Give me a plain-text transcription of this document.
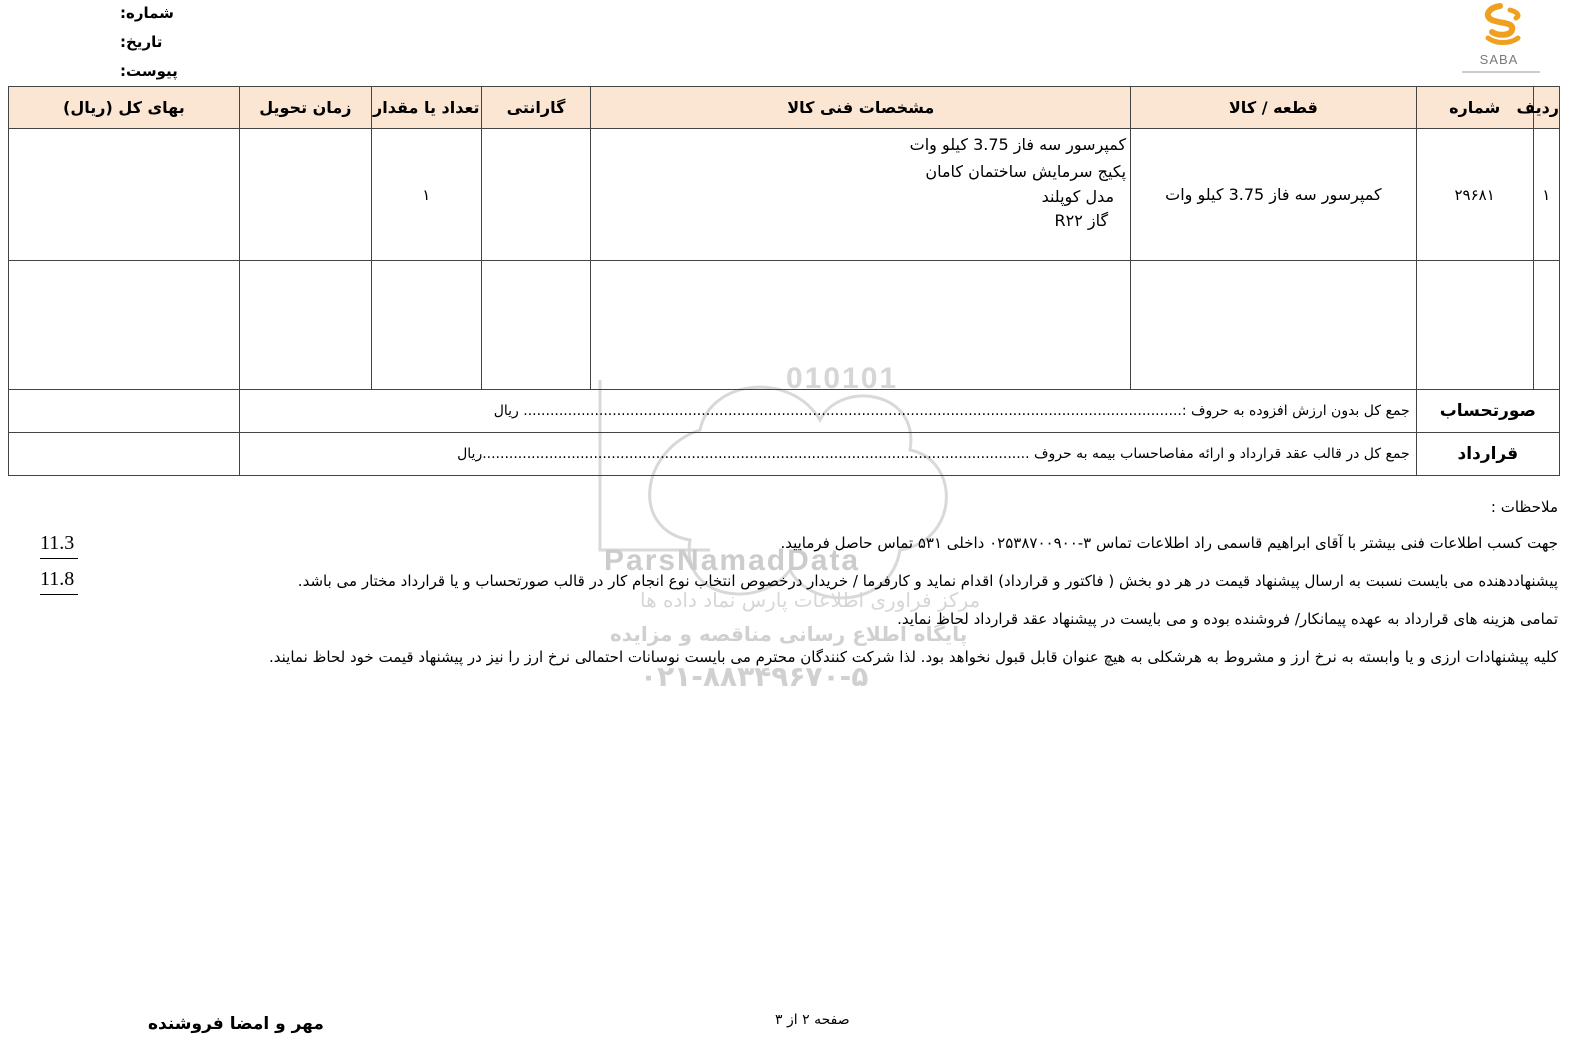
شماره:
تاریخ:
پیوست:
SABA
010101
ParsNamadData
مرکز فراوری اطلاعات پارس نماد داده ها
پایگاه اطلاع رسانی مناقصه و مزایده
۰۲۱-۸۸۳۴۹۶۷۰-۵
ردیف	شماره	قطعه / کالا	مشخصات فنی کالا	گارانتی	تعداد یا مقدار	زمان تحویل	بهای کل (ریال)
۱	۲۹۶۸۱	کمپرسور سه فاز 3.75 کیلو وات	کمپرسور سه فاز 3.75 کیلو وات
پکیج سرمایش ساختمان کامان
مدل کوپلند
گاز R۲۲		۱		

صورتحساب		جمع کل بدون ارزش افزوده به حروف :.................................................................................................................................................... ریال					
قرارداد		جمع کل در قالب عقد قرارداد و ارائه مفاصاحساب بیمه به حروف ...........................................................................................................................ریال					
ملاحظات :
جهت کسب اطلاعات فنی بیشتر با آقای ابراهیم قاسمی راد اطلاعات تماس ۳-۰۲۵۳۸۷۰۰۹۰۰ داخلی ۵۳۱ تماس حاصل فرمایید.
پیشنهاددهنده می بایست نسبت به ارسال پیشنهاد قیمت در هر دو بخش ( فاکتور و قرارداد) اقدام نماید و کارفرما / خریدار درخصوص انتخاب نوع انجام کار در قالب صورتحساب و یا قرارداد مختار می باشد.
تمامی هزینه های قرارداد به عهده پیمانکار/ فروشنده بوده و می بایست در پیشنهاد عقد قرارداد لحاظ نماید.
کلیه پیشنهادات ارزی و یا وابسته به نرخ ارز و مشروط به هرشکلی به هیچ عنوان قابل قبول نخواهد بود. لذا شرکت کنندگان محترم می بایست نوسانات احتمالی نرخ ارز را نیز در پیشنهاد قیمت خود لحاظ نمایند.
11.3
11.8
صفحه ۲ از ۳
مهر و امضا فروشنده
